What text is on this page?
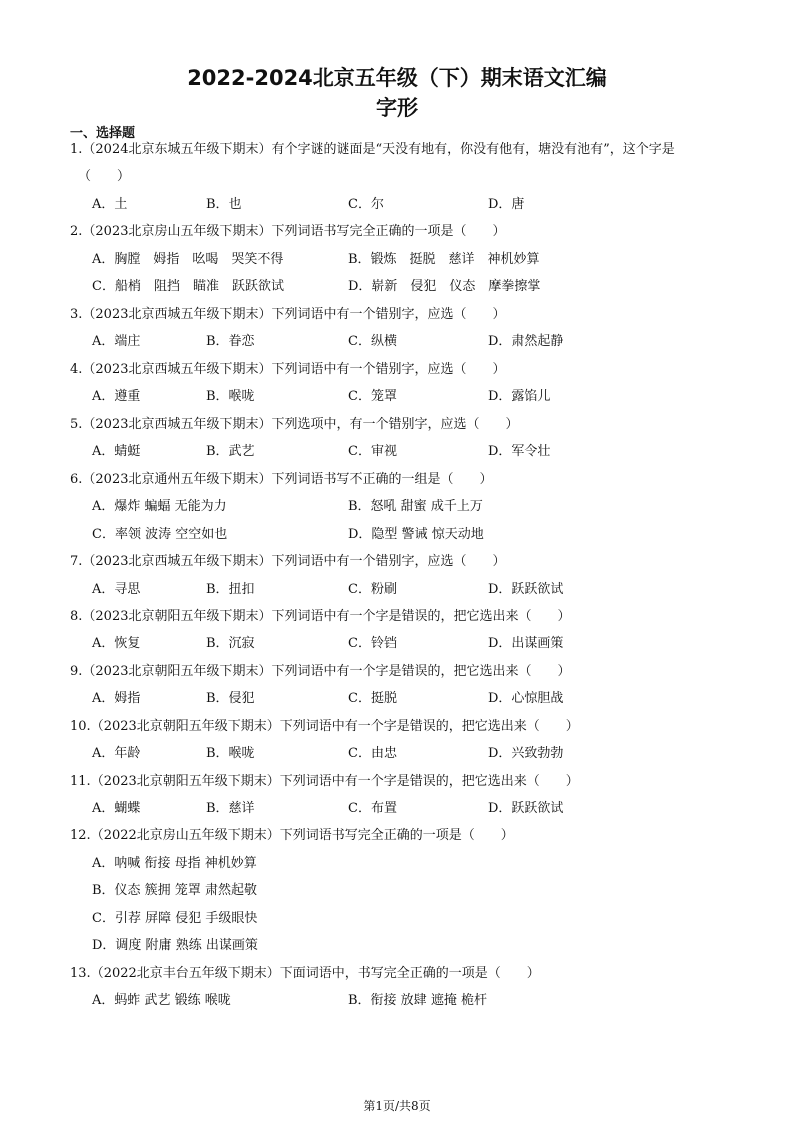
2022-2024北京五年级（下）期末语文汇编
字形
一、选择题
1.（2024北京东城五年级下期末）有个字谜的谜面是“天没有地有，你没有他有，塘没有池有”，这个字是
（　　）
A．土	B．也	C．尔	D．唐
2.（2023北京房山五年级下期末）下列词语书写完全正确的一项是（　　）
A．胸膛　姆指　吆喝　哭笑不得	B．锻炼　挺脱　慈详　神机妙算
C．船梢　阻挡　瞄准　跃跃欲试	D．崭新　侵犯　仪态　摩拳擦掌
3.（2023北京西城五年级下期末）下列词语中有一个错别字，应选（　　）
A．端庄	B．眷恋	C．纵横	D．肃然起静
4.（2023北京西城五年级下期末）下列词语中有一个错别字，应选（　　）
A．遵重	B．喉咙	C．笼罩	D．露馅儿
5.（2023北京西城五年级下期末）下列选项中，有一个错别字，应选（　　）
A．蜻蜓	B．武艺	C．审视	D．军令壮
6.（2023北京通州五年级下期末）下列词语书写不正确的一组是（　　）
A．爆炸 蝙蝠 无能为力	B．怒吼 甜蜜 成千上万
C．率领 波涛 空空如也	D．隐型 警诫 惊天动地
7.（2023北京西城五年级下期末）下列词语中有一个错别字，应选（　　）
A．寻思	B．扭扣	C．粉刷	D．跃跃欲试
8.（2023北京朝阳五年级下期末）下列词语中有一个字是错误的，把它选出来（　　）
A．恢复	B．沉寂	C．铃铛	D．出谋画策
9.（2023北京朝阳五年级下期末）下列词语中有一个字是错误的，把它选出来（　　）
A．姆指	B．侵犯	C．挺脱	D．心惊胆战
10.（2023北京朝阳五年级下期末）下列词语中有一个字是错误的，把它选出来（　　）
A．年龄	B．喉咙	C．由忠	D．兴致勃勃
11.（2023北京朝阳五年级下期末）下列词语中有一个字是错误的，把它选出来（　　）
A．蝴蝶	B．慈详	C．布置	D．跃跃欲试
12.（2022北京房山五年级下期末）下列词语书写完全正确的一项是（　　）
A．呐喊 衔接 母指 神机妙算
B．仪态 簇拥 笼罩 肃然起敬
C．引荐 屏障 侵犯 手级眼快
D．调度 附庸 熟练 出谋画策
13.（2022北京丰台五年级下期末）下面词语中，书写完全正确的一项是（　　）
A．蚂蚱 武艺 锻练 喉咙	B．衔接 放肆 遮掩 桅杆
第1页/共8页
